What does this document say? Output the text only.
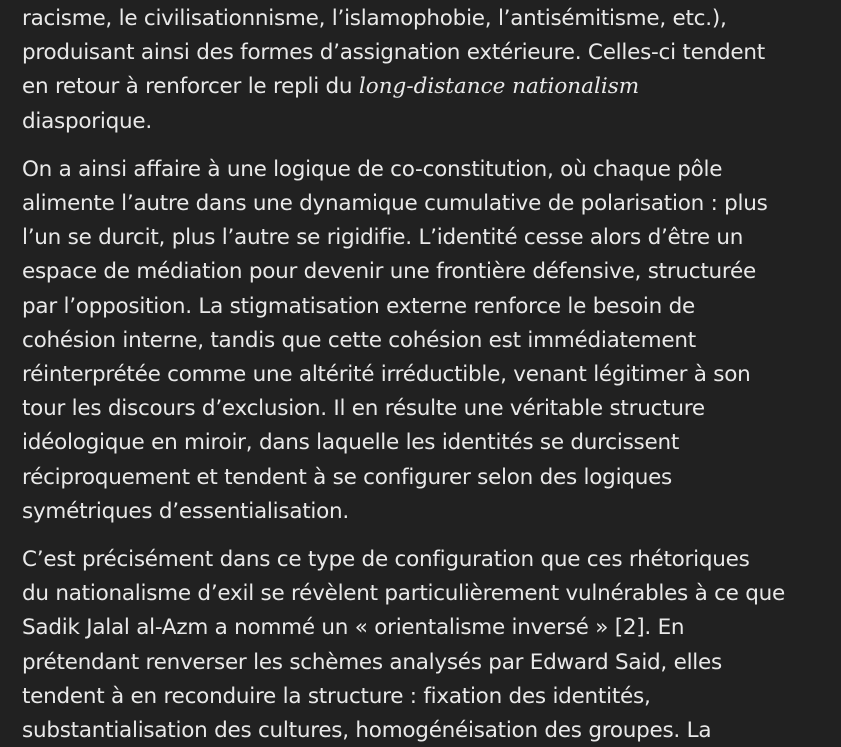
racisme, le civilisationnisme, l’islamophobie, l’antisémitisme, etc.),
produisant ainsi des formes d’assignation extérieure. Celles-ci tendent
en retour à renforcer le repli du long-distance nationalism
diasporique.

On a ainsi affaire à une logique de co-constitution, où chaque pôle
alimente l’autre dans une dynamique cumulative de polarisation : plus
l’un se durcit, plus l’autre se rigidifie. L’identité cesse alors d’être un
espace de médiation pour devenir une frontière défensive, structurée
par l’opposition. La stigmatisation externe renforce le besoin de
cohésion interne, tandis que cette cohésion est immédiatement
réinterprétée comme une altérité irréductible, venant légitimer à son
tour les discours d’exclusion. Il en résulte une véritable structure
idéologique en miroir, dans laquelle les identités se durcissent
réciproquement et tendent à se configurer selon des logiques
symétriques d’essentialisation.

C’est précisément dans ce type de configuration que ces rhétoriques
du nationalisme d’exil se révèlent particulièrement vulnérables à ce que
Sadik Jalal al-Azm a nommé un « orientalisme inversé » [2]. En
prétendant renverser les schèmes analysés par Edward Said, elles
tendent à en reconduire la structure : fixation des identités,
substantialisation des cultures, homogénéisation des groupes. La
